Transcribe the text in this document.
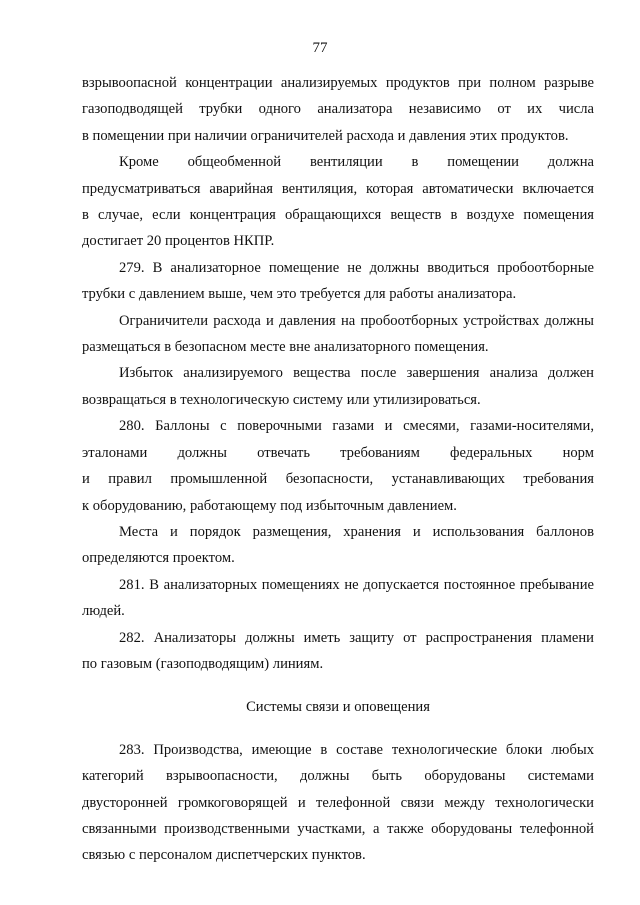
77

взрывоопасной концентрации анализируемых продуктов при полном разрыве
газоподводящей трубки одного анализатора независимо от их числа
в помещении при наличии ограничителей расхода и давления этих продуктов.

Кроме общеобменной вентиляции в помещении должна
предусматриваться аварийная вентиляция, которая автоматически включается
в случае, если концентрация обращающихся веществ в воздухе помещения
достигает 20 процентов НКПР.

279. В анализаторное помещение не должны вводиться пробоотборные
трубки с давлением выше, чем это требуется для работы анализатора.

Ограничители расхода и давления на пробоотборных устройствах должны
размещаться в безопасном месте вне анализаторного помещения.

Избыток анализируемого вещества после завершения анализа должен
возвращаться в технологическую систему или утилизироваться.

280. Баллоны с поверочными газами и смесями, газами-носителями,
эталонами должны отвечать требованиям федеральных норм
и правил промышленной безопасности, устанавливающих требования
к оборудованию, работающему под избыточным давлением.

Места и порядок размещения, хранения и использования баллонов
определяются проектом.

281. В анализаторных помещениях не допускается постоянное пребывание
людей.

282. Анализаторы должны иметь защиту от распространения пламени
по газовым (газоподводящим) линиям.

Системы связи и оповещения

283. Производства, имеющие в составе технологические блоки любых
категорий взрывоопасности, должны быть оборудованы системами
двусторонней громкоговорящей и телефонной связи между технологически
связанными производственными участками, а также оборудованы телефонной
связью с персоналом диспетчерских пунктов.
